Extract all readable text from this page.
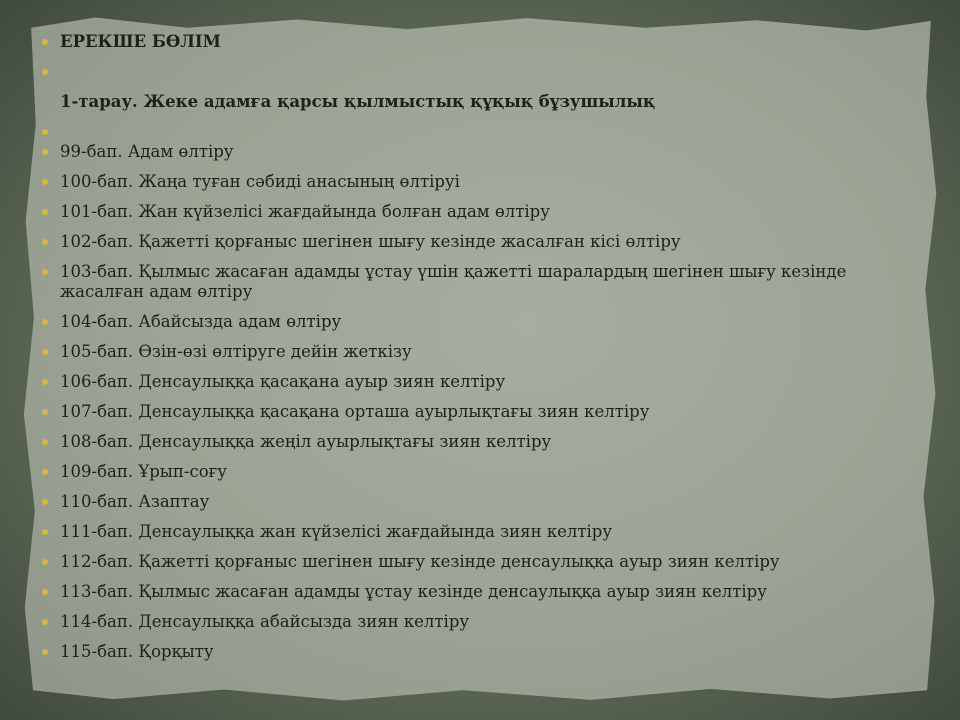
ЕРЕКШЕ БӨЛІМ
1-тарау. Жеке адамға қарсы қылмыстық құқық бұзушылық
99-бап. Адам өлтіру
100-бап. Жаңа туған сәбиді анасының өлтіруі
101-бап. Жан күйзелісі жағдайында болған адам өлтіру
102-бап. Қажетті қорғаныс шегінен шығу кезінде жасалған кісі өлтіру
103-бап. Қылмыс жасаған адамды ұстау үшін қажетті шаралардың шегінен шығу кезінде жасалған адам өлтіру
104-бап. Абайсызда адам өлтіру
105-бап. Өзін-өзі өлтіруге дейін жеткізу
106-бап. Денсаулыққа қасақана ауыр зиян келтіру
107-бап. Денсаулыққа қасақана орташа ауырлықтағы зиян келтіру
108-бап. Денсаулыққа жеңіл ауырлықтағы зиян келтіру
109-бап. Ұрып-соғу
110-бап. Азаптау
111-бап. Денсаулыққа жан күйзелісі жағдайында зиян келтіру
112-бап. Қажетті қорғаныс шегінен шығу кезінде денсаулыққа ауыр зиян келтіру
113-бап. Қылмыс жасаған адамды ұстау кезінде денсаулыққа ауыр зиян келтіру
114-бап. Денсаулыққа абайсызда зиян келтіру
115-бап. Қорқыту
